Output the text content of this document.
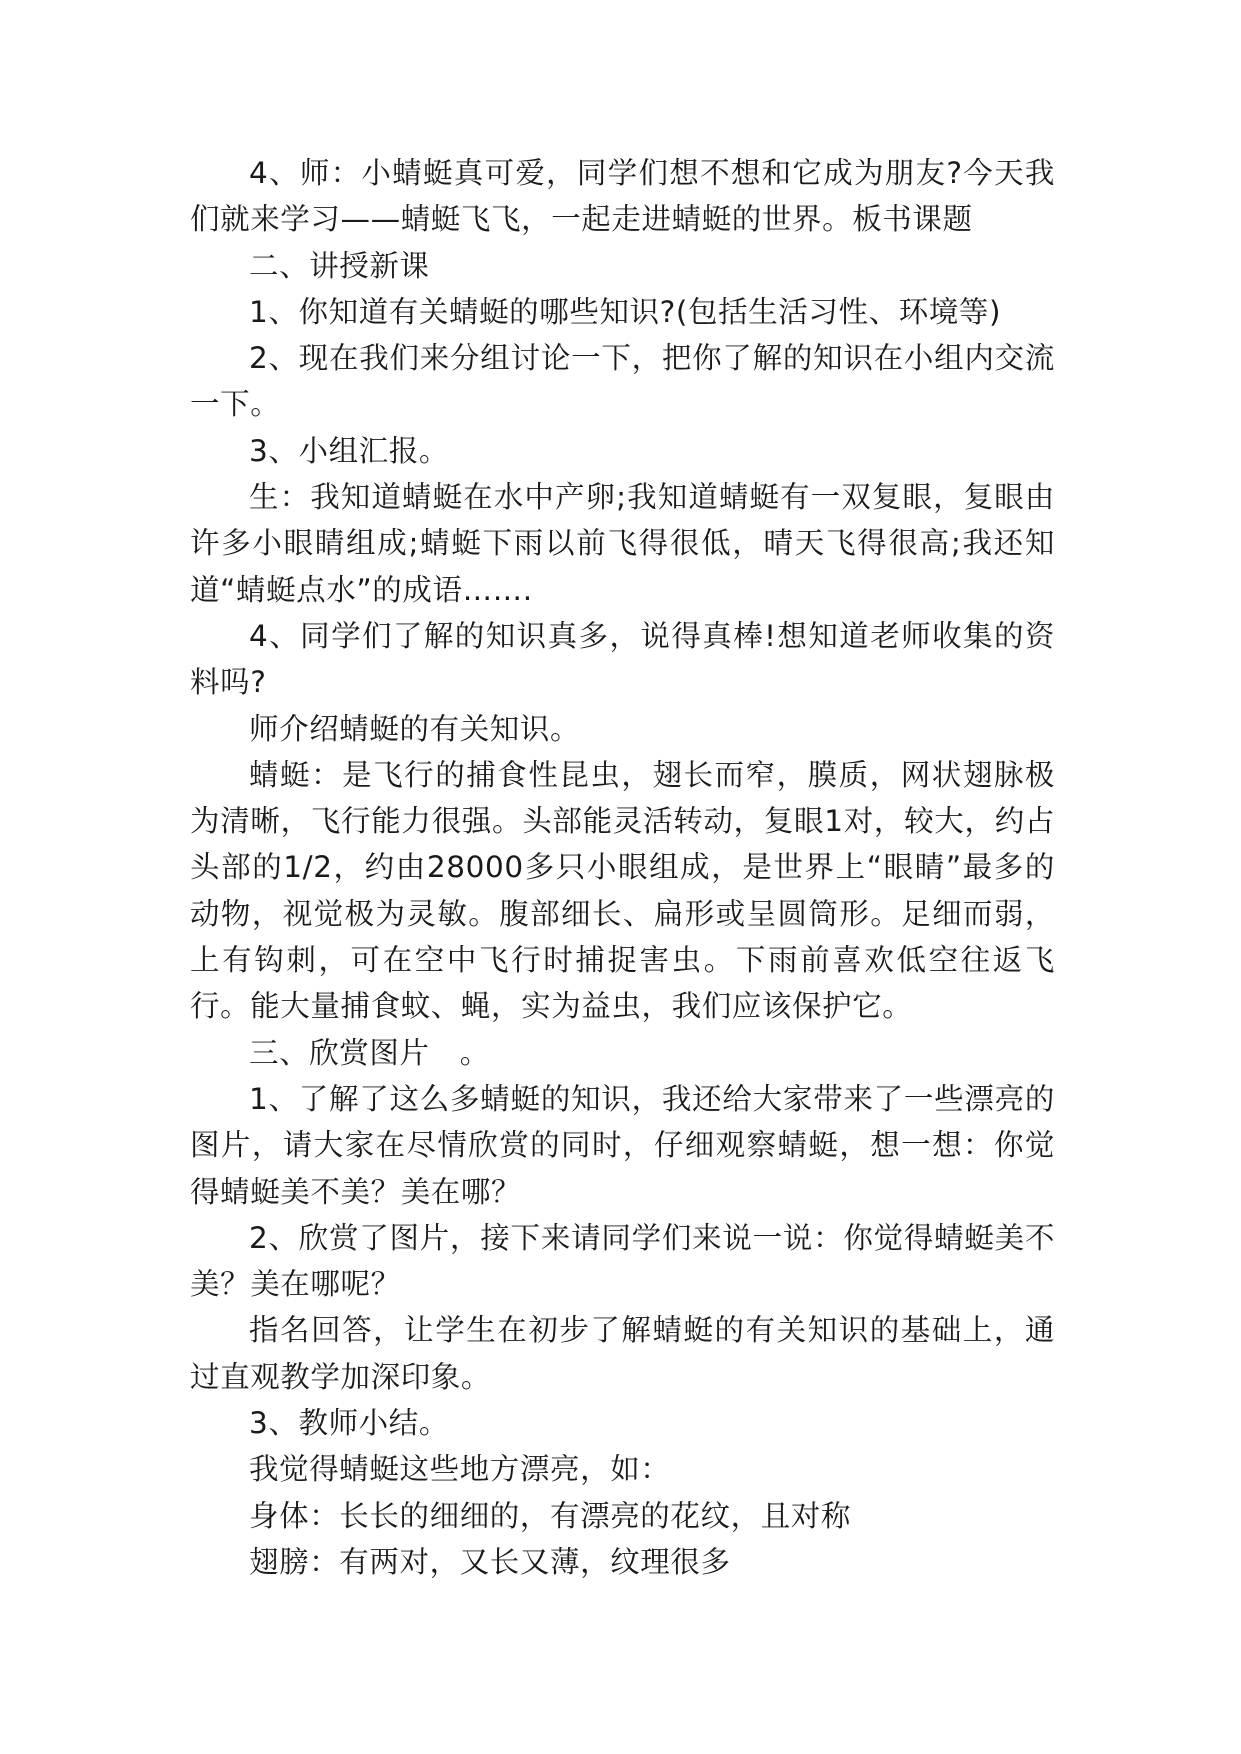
4、师：小蜻蜓真可爱，同学们想不想和它成为朋友?今天我们就来学习——蜻蜓飞飞，一起走进蜻蜓的世界。板书课题

二、讲授新课

1、你知道有关蜻蜓的哪些知识?(包括生活习性、环境等)

2、现在我们来分组讨论一下，把你了解的知识在小组内交流一下。

3、小组汇报。

生：我知道蜻蜓在水中产卵;我知道蜻蜓有一双复眼，复眼由许多小眼睛组成;蜻蜓下雨以前飞得很低，晴天飞得很高;我还知道“蜻蜓点水”的成语…….

4、同学们了解的知识真多，说得真棒!想知道老师收集的资料吗?

师介绍蜻蜓的有关知识。

蜻蜓：是飞行的捕食性昆虫，翅长而窄，膜质，网状翅脉极为清晰，飞行能力很强。头部能灵活转动，复眼1对，较大，约占头部的1/2，约由28000多只小眼组成，是世界上“眼睛”最多的动物，视觉极为灵敏。腹部细长、扁形或呈圆筒形。足细而弱，上有钩刺，可在空中飞行时捕捉害虫。下雨前喜欢低空往返飞行。能大量捕食蚊、蝇，实为益虫，我们应该保护它。

三、欣赏图片　。

1、了解了这么多蜻蜓的知识，我还给大家带来了一些漂亮的图片，请大家在尽情欣赏的同时，仔细观察蜻蜓，想一想：你觉得蜻蜓美不美？美在哪？

2、欣赏了图片，接下来请同学们来说一说：你觉得蜻蜓美不美？美在哪呢？

指名回答，让学生在初步了解蜻蜓的有关知识的基础上，通过直观教学加深印象。

3、教师小结。

我觉得蜻蜓这些地方漂亮，如：

身体：长长的细细的，有漂亮的花纹，且对称

翅膀：有两对，又长又薄，纹理很多
